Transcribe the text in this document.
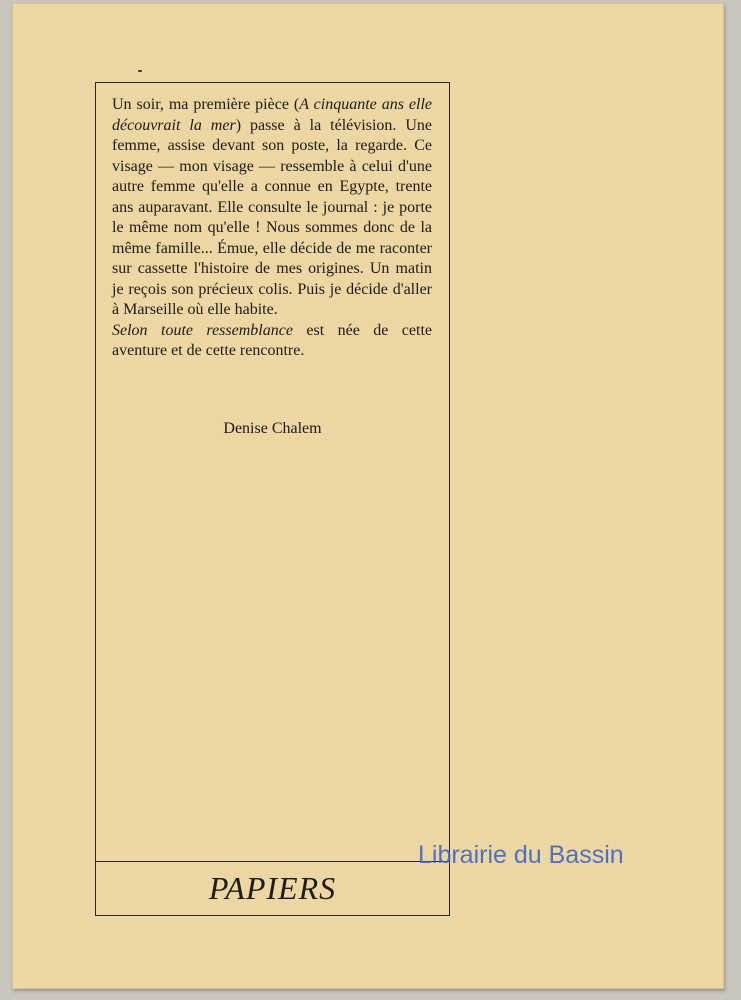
Un soir, ma première pièce (A cinquante ans elle découvrait la mer) passe à la télévision. Une femme, assise devant son poste, la regarde. Ce visage — mon visage — ressemble à celui d'une autre femme qu'elle a connue en Egypte, trente ans auparavant. Elle consulte le journal : je porte le même nom qu'elle ! Nous sommes donc de la même famille... Émue, elle décide de me raconter sur cassette l'histoire de mes origines. Un matin je reçois son précieux colis. Puis je décide d'aller à Marseille où elle habite.

Selon toute ressemblance est née de cette aventure et de cette rencontre.

Denise Chalem
PAPIERS
Librairie du Bassin
